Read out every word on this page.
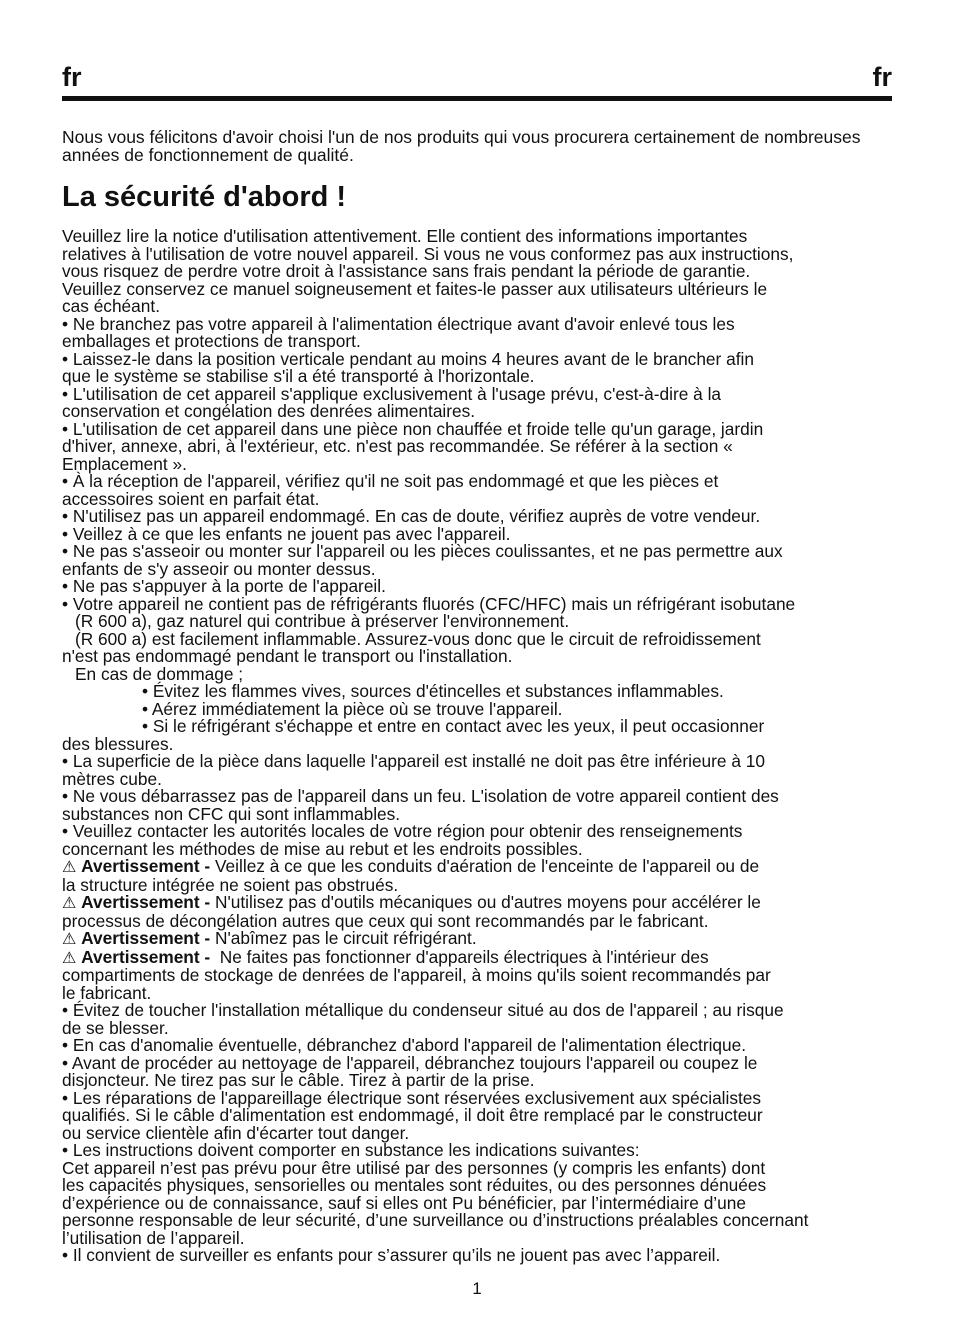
fr	fr
Nous vous félicitons d'avoir choisi l'un de nos produits qui vous procurera certainement de nombreuses années de fonctionnement de qualité.
La sécurité d'abord !

Veuillez lire la notice d'utilisation attentivement. Elle contient des informations importantes

relatives à l'utilisation de votre nouvel appareil. Si vous ne vous conformez pas aux instructions,

vous risquez de perdre votre droit à l'assistance sans frais pendant la période de garantie.

Veuillez conservez ce manuel soigneusement et faites-le passer aux utilisateurs ultérieurs le

cas échéant.

• Ne branchez pas votre appareil à l'alimentation électrique avant d'avoir enlevé tous les

emballages et protections de transport.

• Laissez-le dans la position verticale pendant au moins 4 heures avant de le brancher afin

que le système se stabilise s'il a été transporté à l'horizontale.

• L'utilisation de cet appareil s'applique exclusivement à l'usage prévu, c'est-à-dire à la

conservation et congélation des denrées alimentaires.

• L'utilisation de cet appareil dans une pièce non chauffée et froide telle qu'un garage, jardin

d'hiver, annexe, abri, à l'extérieur, etc. n'est pas recommandée. Se référer à la section «

Emplacement ».

• À la réception de l'appareil, vérifiez qu'il ne soit pas endommagé et que les pièces et

accessoires soient en parfait état.

• N'utilisez pas un appareil endommagé. En cas de doute, vérifiez auprès de votre vendeur.

• Veillez à ce que les enfants ne jouent pas avec l'appareil.

• Ne pas s'asseoir ou monter sur l'appareil ou les pièces coulissantes, et ne pas permettre aux

enfants de s'y asseoir ou monter dessus.

• Ne pas s'appuyer à la porte de l'appareil.

• Votre appareil ne contient pas de réfrigérants fluorés (CFC/HFC) mais un réfrigérant isobutane

(R 600 a), gaz naturel qui contribue à préserver l'environnement.

(R 600 a) est facilement inflammable. Assurez-vous donc que le circuit de refroidissement

n'est pas endommagé pendant le transport ou l'installation.

En cas de dommage ;

• Évitez les flammes vives, sources d'étincelles et substances inflammables.

• Aérez immédiatement la pièce où se trouve l'appareil.

• Si le réfrigérant s'échappe et entre en contact avec les yeux, il peut occasionner

des blessures.

• La superficie de la pièce dans laquelle l'appareil est installé ne doit pas être inférieure à 10

mètres cube.

• Ne vous débarrassez pas de l'appareil dans un feu. L'isolation de votre appareil contient des

substances non CFC qui sont inflammables.

• Veuillez contacter les autorités locales de votre région pour obtenir des renseignements

concernant les méthodes de mise au rebut et les endroits possibles.

⚠ Avertissement - Veillez à ce que les conduits d'aération de l'enceinte de l'appareil ou de

la structure intégrée ne soient pas obstrués.

⚠ Avertissement - N'utilisez pas d'outils mécaniques ou d'autres moyens pour accélérer le

processus de décongélation autres que ceux qui sont recommandés par le fabricant.

⚠ Avertissement - N'abîmez pas le circuit réfrigérant.

⚠ Avertissement -  Ne faites pas fonctionner d'appareils électriques à l'intérieur des

compartiments de stockage de denrées de l'appareil, à moins qu'ils soient recommandés par

le fabricant.

• Évitez de toucher l'installation métallique du condenseur situé au dos de l'appareil ; au risque

de se blesser.

• En cas d'anomalie éventuelle, débranchez d'abord l'appareil de l'alimentation électrique.

• Avant de procéder au nettoyage de l'appareil, débranchez toujours l'appareil ou coupez le

disjoncteur. Ne tirez pas sur le câble. Tirez à partir de la prise.

• Les réparations de l'appareillage électrique sont réservées exclusivement aux spécialistes

qualifiés. Si le câble d'alimentation est endommagé, il doit être remplacé par le constructeur

ou service clientèle afin d'écarter tout danger.

• Les instructions doivent comporter en substance les indications suivantes:

Cet appareil n’est pas prévu pour être utilisé par des personnes (y compris les enfants) dont

les capacités physiques, sensorielles ou mentales sont réduites, ou des personnes dénuées

d’expérience ou de connaissance, sauf si elles ont Pu bénéficier, par l’intermédiaire d’une

personne responsable de leur sécurité, d’une surveillance ou d’instructions préalables concernant

l’utilisation de l’appareil.

• Il convient de surveiller es enfants pour s’assurer qu’ils ne jouent pas avec l’appareil.

1
